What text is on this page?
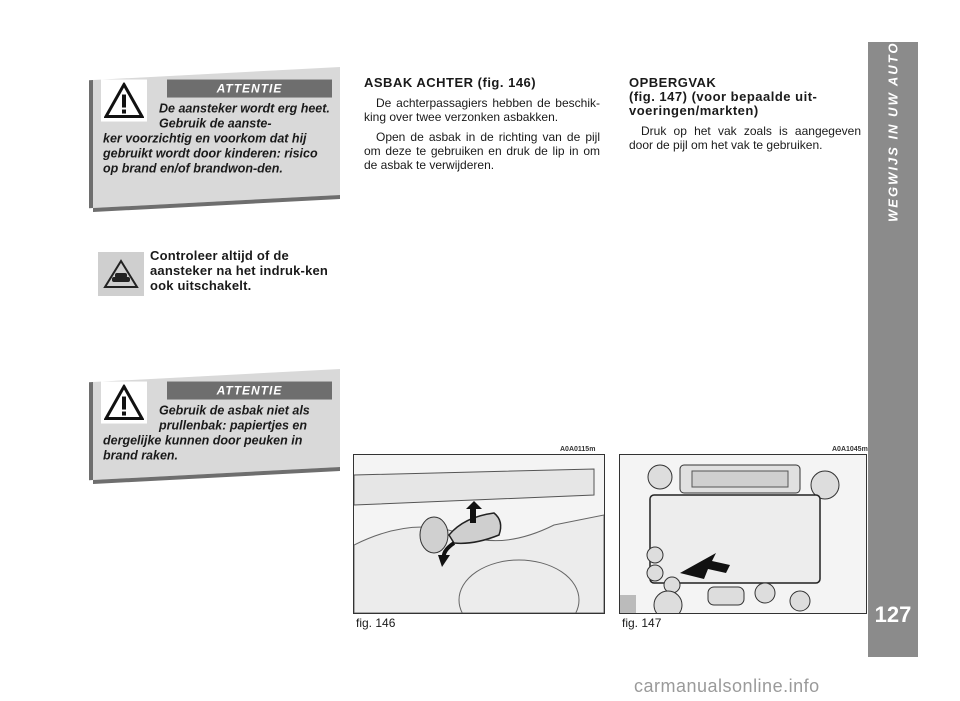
WEGWIJS IN UW AUTO
127
ATTENTIE
De aansteker wordt erg heet. Gebruik de aanste-
ker voorzichtig en voorkom dat hij gebruikt wordt door kinderen: risico op brand en/of brandwon-den.
Controleer altijd of de aansteker na het indruk-ken ook uitschakelt.
ATTENTIE
Gebruik de asbak niet als prullenbak: papiertjes en
dergelijke kunnen door peuken in brand raken.
ASBAK ACHTER (fig. 146)

De achterpassagiers hebben de beschik-king over twee verzonken asbakken.

Open de asbak in de richting van de pijl om deze te gebruiken en druk de lip in om de asbak te verwijderen.

OPBERGVAK
(fig. 147) (voor bepaalde uit-voeringen/markten)

Druk op het vak zoals is aangegeven door de pijl om het vak te gebruiken.

A0A0115m
fig. 146
A0A1045m
fig. 147
carmanualsonline.info
